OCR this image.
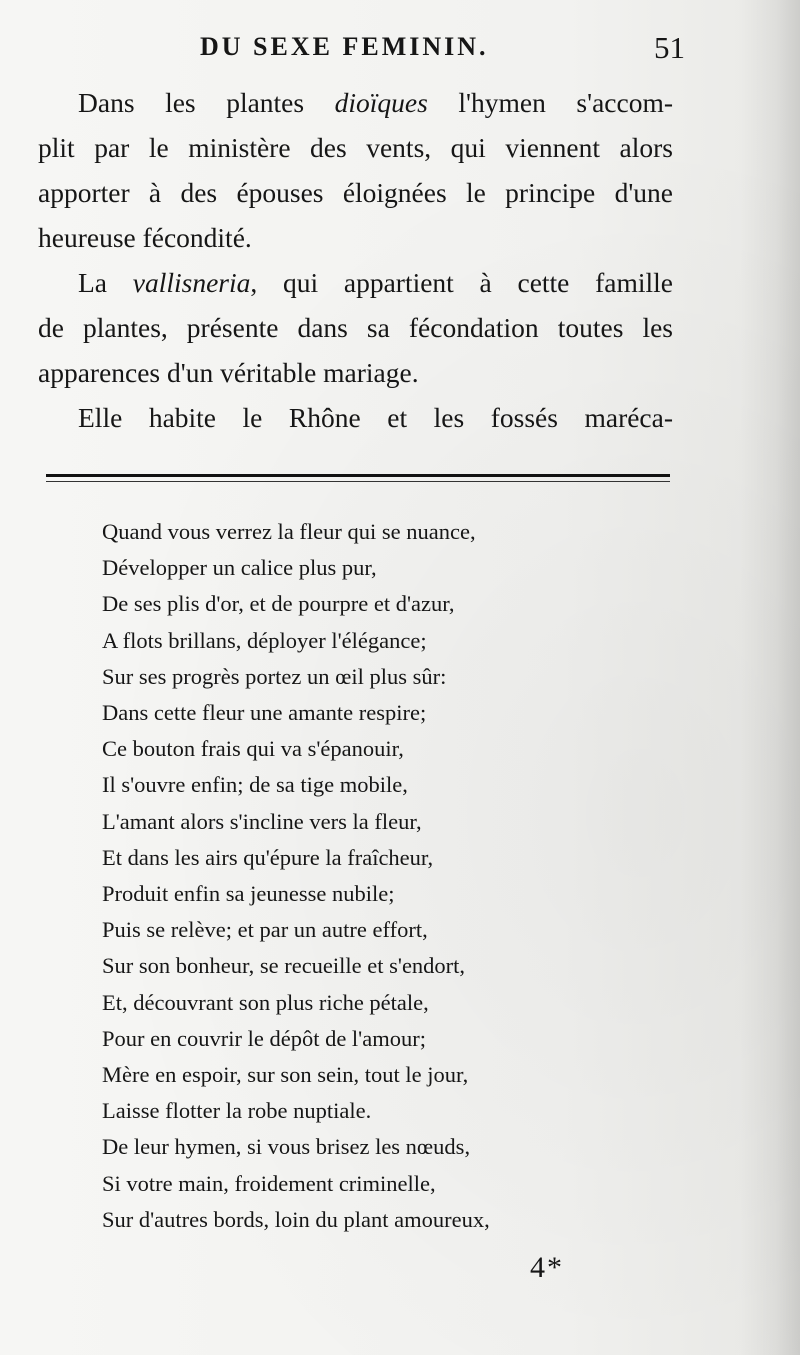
DU SEXE FEMININ.	51

Dans les plantes dioïques l'hymen s'accom-

plit par le ministère des vents, qui viennent alors

apporter à des épouses éloignées le principe d'une

heureuse fécondité.

La vallisneria, qui appartient à cette famille

de plantes, présente dans sa fécondation toutes les

apparences d'un véritable mariage.

Elle habite le Rhône et les fossés maréca-

Quand vous verrez la fleur qui se nuance,
Développer un calice plus pur,
De ses plis d'or, et de pourpre et d'azur,
A flots brillans, déployer l'élégance;
Sur ses progrès portez un œil plus sûr:
Dans cette fleur une amante respire;
Ce bouton frais qui va s'épanouir,
Il s'ouvre enfin; de sa tige mobile,
L'amant alors s'incline vers la fleur,
Et dans les airs qu'épure la fraîcheur,
Produit enfin sa jeunesse nubile;
Puis se relève; et par un autre effort,
Sur son bonheur, se recueille et s'endort,
Et, découvrant son plus riche pétale,
Pour en couvrir le dépôt de l'amour;
Mère en espoir, sur son sein, tout le jour,
Laisse flotter la robe nuptiale.
De leur hymen, si vous brisez les nœuds,
Si votre main, froidement criminelle,
Sur d'autres bords, loin du plant amoureux,
4*
